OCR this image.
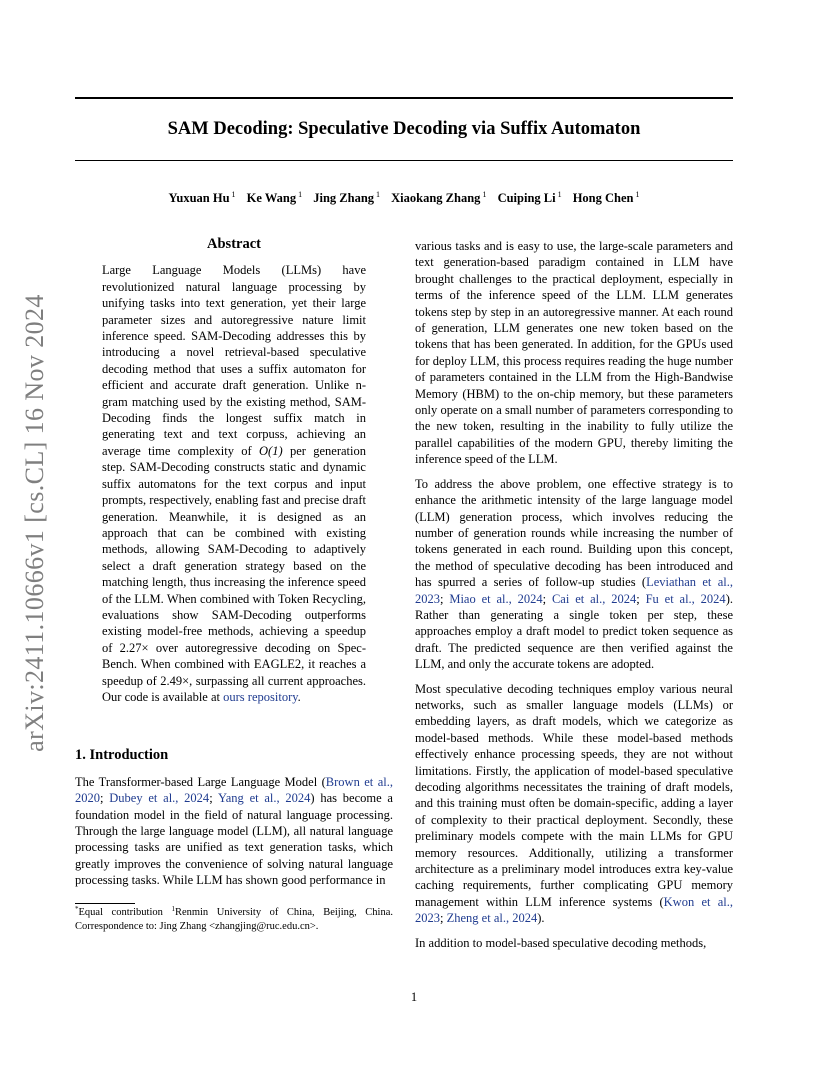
SAM Decoding: Speculative Decoding via Suffix Automaton
Yuxuan Hu $^1$ Ke Wang $^1$ Jing Zhang $^1$ Xiaokang Zhang $^1$ Cuiping Li $^1$ Hong Chen $^1$
arXiv:2411.10666v1 [cs.CL] 16 Nov 2024
Abstract

Large Language Models (LLMs) have revolutionized natural language processing by unifying tasks into text generation, yet their large parameter sizes and autoregressive nature limit inference speed. SAM-Decoding addresses this by introducing a novel retrieval-based speculative decoding method that uses a suffix automaton for efficient and accurate draft generation. Unlike n-gram matching used by the existing method, SAM-Decoding finds the longest suffix match in generating text and text corpuss, achieving an average time complexity of O(1) per generation step. SAM-Decoding constructs static and dynamic suffix automatons for the text corpus and input prompts, respectively, enabling fast and precise draft generation. Meanwhile, it is designed as an approach that can be combined with existing methods, allowing SAM-Decoding to adaptively select a draft generation strategy based on the matching length, thus increasing the inference speed of the LLM. When combined with Token Recycling, evaluations show SAM-Decoding outperforms existing model-free methods, achieving a speedup of 2.27× over autoregressive decoding on Spec-Bench. When combined with EAGLE2, it reaches a speedup of 2.49×, surpassing all current approaches. Our code is available at ours repository.

1. Introduction

The Transformer-based Large Language Model (Brown et al., 2020; Dubey et al., 2024; Yang et al., 2024) has become a foundation model in the field of natural language processing. Through the large language model (LLM), all natural language processing tasks are unified as text generation tasks, which greatly improves the convenience of solving natural language processing tasks. While LLM has shown good performance in

various tasks and is easy to use, the large-scale parameters and text generation-based paradigm contained in LLM have brought challenges to the practical deployment, especially in terms of the inference speed of the LLM. LLM generates tokens step by step in an autoregressive manner. At each round of generation, LLM generates one new token based on the tokens that has been generated. In addition, for the GPUs used for deploy LLM, this process requires reading the huge number of parameters contained in the LLM from the High-Bandwise Memory (HBM) to the on-chip memory, but these parameters only operate on a small number of parameters corresponding to the new token, resulting in the inability to fully utilize the parallel capabilities of the modern GPU, thereby limiting the inference speed of the LLM.

To address the above problem, one effective strategy is to enhance the arithmetic intensity of the large language model (LLM) generation process, which involves reducing the number of generation rounds while increasing the number of tokens generated in each round. Building upon this concept, the method of speculative decoding has been introduced and has spurred a series of follow-up studies (Leviathan et al., 2023; Miao et al., 2024; Cai et al., 2024; Fu et al., 2024). Rather than generating a single token per step, these approaches employ a draft model to predict token sequence as draft. The predicted sequence are then verified against the LLM, and only the accurate tokens are adopted.

Most speculative decoding techniques employ various neural networks, such as smaller language models (LLMs) or embedding layers, as draft models, which we categorize as model-based methods. While these model-based methods effectively enhance processing speeds, they are not without limitations. Firstly, the application of model-based speculative decoding algorithms necessitates the training of draft models, and this training must often be domain-specific, adding a layer of complexity to their practical deployment. Secondly, these preliminary models compete with the main LLMs for GPU memory resources. Additionally, utilizing a transformer architecture as a preliminary model introduces extra key-value caching requirements, further complicating GPU memory management within LLM inference systems (Kwon et al., 2023; Zheng et al., 2024).

In addition to model-based speculative decoding methods,

*Equal contribution $^1$Renmin University of China, Beijing, China. Correspondence to: Jing Zhang <zhangjing@ruc.edu.cn>.
1
